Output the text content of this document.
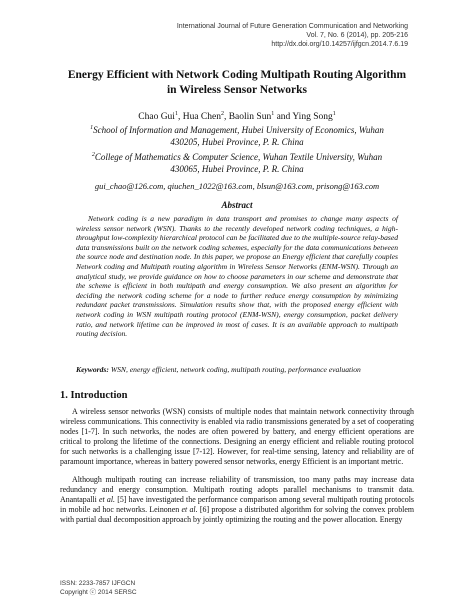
International Journal of Future Generation Communication and Networking
Vol. 7, No. 6 (2014), pp. 205-216
http://dx.doi.org/10.14257/ijfgcn.2014.7.6.19
Energy Efficient with Network Coding Multipath Routing Algorithm
in Wireless Sensor Networks
Chao Gui$^1$, Hua Chen$^2$, Baolin Sun$^1$ and Ying Song$^1$
$^1$School of Information and Management, Hubei University of Economics, Wuhan
430205, Hubei Province, P. R. China
$^2$College of Mathematics & Computer Science, Wuhan Textile University, Wuhan
430065, Hubei Province, P. R. China
gui_chao@126.com, qiuchen_1022@163.com, blsun@163.com, prisong@163.com
Abstract

Network coding is a new paradigm in data transport and promises to change many aspects of wireless sensor network (WSN). Thanks to the recently developed network coding techniques, a high-throughput low-complexity hierarchical protocol can be facilitated due to the multiple-source relay-based data transmissions built on the network coding schemes, especially for the data communications between the source node and destination node. In this paper, we propose an Energy efficient that carefully couples Network coding and Multipath routing algorithm in Wireless Sensor Networks (ENM-WSN). Through an analytical study, we provide guidance on how to choose parameters in our scheme and demonstrate that the scheme is efficient in both multipath and energy consumption. We also present an algorithm for deciding the network coding scheme for a node to further reduce energy consumption by minimizing redundant packet transmissions. Simulation results show that, with the proposed energy efficient with network coding in WSN multipath routing protocol (ENM-WSN), energy consumption, packet delivery ratio, and network lifetime can be improved in most of cases. It is an available approach to multipath routing decision.

Keywords: WSN, energy efficient, network coding, multipath routing, performance evaluation

1. Introduction

A wireless sensor networks (WSN) consists of multiple nodes that maintain network connectivity through wireless communications. This connectivity is enabled via radio transmissions generated by a set of cooperating nodes [1-7]. In such networks, the nodes are often powered by battery, and energy efficient operations are critical to prolong the lifetime of the connections. Designing an energy efficient and reliable routing protocol for such networks is a challenging issue [7-12]. However, for real-time sensing, latency and reliability are of paramount importance, whereas in battery powered sensor networks, energy Efficient is an important metric.

Although multipath routing can increase reliability of transmission, too many paths may increase data redundancy and energy consumption. Multipath routing adopts parallel mechanisms to transmit data. Anantapalli et al. [5] have investigated the performance comparison among several multipath routing protocols in mobile ad hoc networks. Leinonen et al. [6] propose a distributed algorithm for solving the convex problem with partial dual decomposition approach by jointly optimizing the routing and the power allocation. Energy

ISSN: 2233-7857 IJFGCN
Copyright ⓒ 2014 SERSC
